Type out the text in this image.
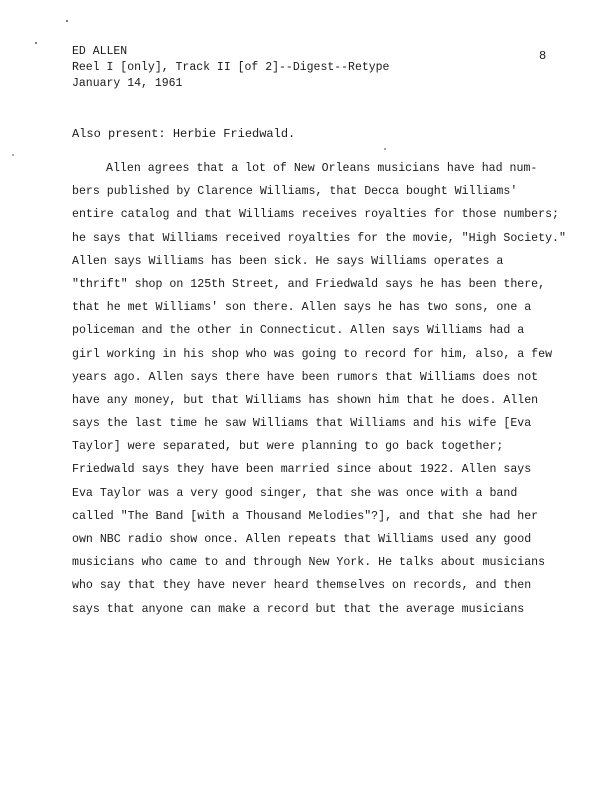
ED ALLEN
Reel I [only], Track II [of 2]--Digest--Retype
January 14, 1961
8
Also present: Herbie Friedwald.
Allen agrees that a lot of New Orleans musicians have had num-
bers published by Clarence Williams, that Decca bought Williams'
entire catalog and that Williams receives royalties for those numbers;
he says that Williams received royalties for the movie, "High Society."
Allen says Williams has been sick. He says Williams operates a
"thrift" shop on 125th Street, and Friedwald says he has been there,
that he met Williams' son there. Allen says he has two sons, one a
policeman and the other in Connecticut. Allen says Williams had a
girl working in his shop who was going to record for him, also, a few
years ago. Allen says there have been rumors that Williams does not
have any money, but that Williams has shown him that he does. Allen
says the last time he saw Williams that Williams and his wife [Eva
Taylor] were separated, but were planning to go back together;
Friedwald says they have been married since about 1922. Allen says
Eva Taylor was a very good singer, that she was once with a band
called "The Band [with a Thousand Melodies"?], and that she had her
own NBC radio show once. Allen repeats that Williams used any good
musicians who came to and through New York. He talks about musicians
who say that they have never heard themselves on records, and then
says that anyone can make a record but that the average musicians
